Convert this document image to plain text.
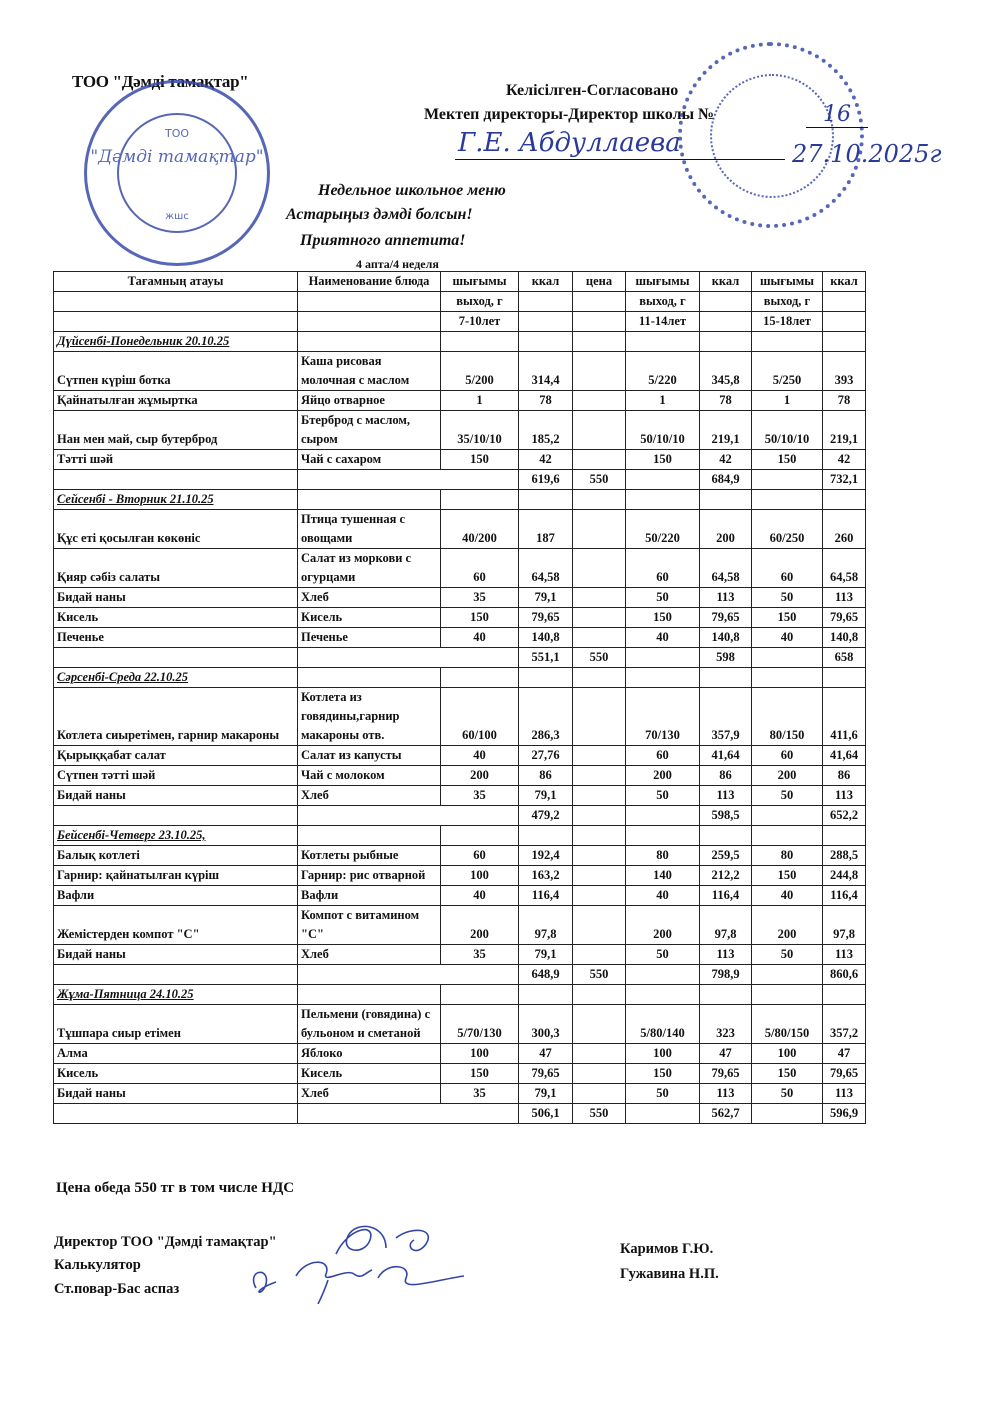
ТОО "Дәмді тамақтар"
ТОО
"Дәмді тамақтар"
жшс
Келісілген-Согласовано
Мектеп директоры-Директор школы №	16
Г.Е. Абдуллаева	27.10.2025г
Недельное школьное меню
Астарыңыз дәмді болсын!
Приятного аппетита!
4 апта/4 неделя
Тағамның атауы	Наименование блюда	шығымы	ккал	цена	шығымы	ккал	шығымы	ккал
		выход, г			выход, г		выход, г	
		7-10лет			11-14лет		15-18лет	
Дүйсенбі-Понедельник 20.10.25								
Сүтпен күріш ботка	Каша рисовая молочная с маслом	5/200	314,4		5/220	345,8	5/250	393
Қайнатылған жұмыртка	Яйцо отварное	1	78		1	78	1	78
Нан мен май, сыр бутерброд	Бтерброд с маслом, сыром	35/10/10	185,2		50/10/10	219,1	50/10/10	219,1
Тәтті шәй	Чай с сахаром	150	42		150	42	150	42
			619,6	550		684,9		732,1
Сейсенбі - Вторник 21.10.25								
Құс еті қосылған көкөніс	Птица тушенная с овощами	40/200	187		50/220	200	60/250	260
Қияр сәбіз салаты	Салат из моркови с огурцами	60	64,58		60	64,58	60	64,58
Бидай наны	Хлеб	35	79,1		50	113	50	113
Кисель	Кисель	150	79,65		150	79,65	150	79,65
Печенье	Печенье	40	140,8		40	140,8	40	140,8
			551,1	550		598		658
Сәрсенбі-Среда 22.10.25								
Котлета сиыретімен, гарнир макароны	Котлета из говядины,гарнир макароны отв.	60/100	286,3		70/130	357,9	80/150	411,6
Қырыққабат салат	Салат из капусты	40	27,76		60	41,64	60	41,64
Сүтпен тәтті шәй	Чай с молоком	200	86		200	86	200	86
Бидай наны	Хлеб	35	79,1		50	113	50	113
			479,2			598,5		652,2
Бейсенбі-Четверг 23.10.25,								
Балық котлеті	Котлеты рыбные	60	192,4		80	259,5	80	288,5
Гарнир: қайнатылған күріш	Гарнир: рис отварной	100	163,2		140	212,2	150	244,8
Вафли	Вафли	40	116,4		40	116,4	40	116,4
Жемістерден компот "С"	Компот с витамином "С"	200	97,8		200	97,8	200	97,8
Бидай наны	Хлеб	35	79,1		50	113	50	113
			648,9	550		798,9		860,6
Жұма-Пятница 24.10.25								
Тұшпара сиыр етімен	Пельмени (говядина) с бульоном и сметаной	5/70/130	300,3		5/80/140	323	5/80/150	357,2
Алма	Яблоко	100	47		100	47	100	47
Кисель	Кисель	150	79,65		150	79,65	150	79,65
Бидай наны	Хлеб	35	79,1		50	113	50	113
			506,1	550		562,7		596,9
Цена обеда 550 тг в том числе НДС
Директор ТОО "Дәмді тамақтар"
Калькулятор
Ст.повар-Бас аспаз
Каримов Г.Ю.
Гужавина Н.П.
